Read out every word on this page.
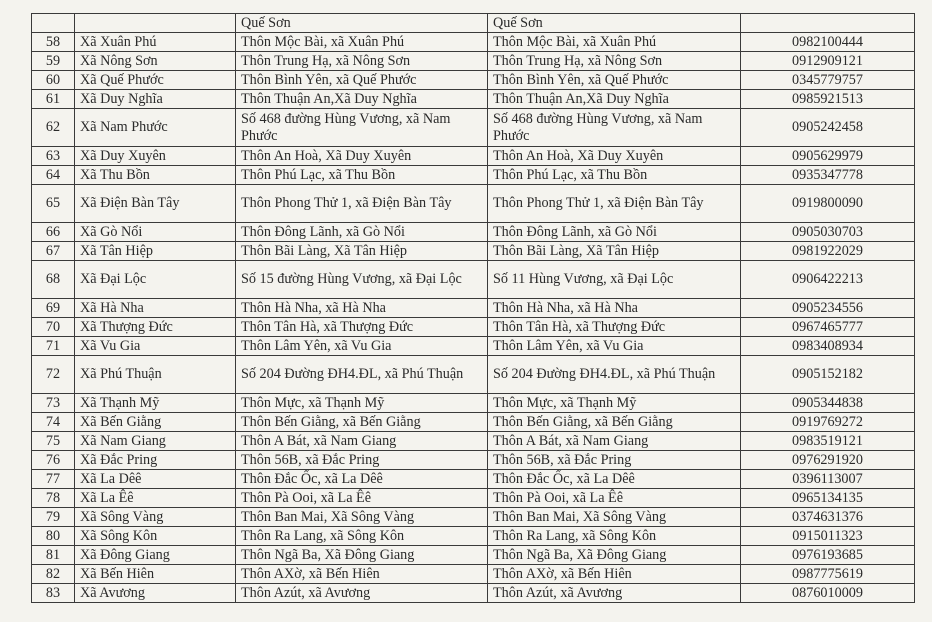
		Quế Sơn	Quế Sơn	
58	Xã Xuân Phú	Thôn Mộc Bài, xã Xuân Phú	Thôn Mộc Bài, xã Xuân Phú	0982100444
59	Xã Nông Sơn	Thôn Trung Hạ, xã Nông Sơn	Thôn Trung Hạ, xã Nông Sơn	0912909121
60	Xã Quế Phước	Thôn Bình Yên, xã Quế Phước	Thôn Bình Yên, xã Quế Phước	0345779757
61	Xã Duy Nghĩa	Thôn Thuận An,Xã Duy Nghĩa	Thôn Thuận An,Xã Duy Nghĩa	0985921513
62	Xã Nam Phước	Số 468 đường Hùng Vương, xã Nam Phước	Số 468 đường Hùng Vương, xã Nam Phước	0905242458
63	Xã Duy Xuyên	Thôn An Hoà, Xã Duy Xuyên	Thôn An Hoà, Xã Duy Xuyên	0905629979
64	Xã Thu Bồn	Thôn Phú Lạc, xã Thu Bồn	Thôn Phú Lạc, xã Thu Bồn	0935347778
65	Xã Điện Bàn Tây	Thôn Phong Thử 1, xã Điện Bàn Tây	Thôn Phong Thử 1, xã Điện Bàn Tây	0919800090
66	Xã Gò Nổi	Thôn Đông Lãnh, xã Gò Nổi	Thôn Đông Lãnh, xã Gò Nổi	0905030703
67	Xã Tân Hiệp	Thôn Bãi Làng, Xã Tân Hiệp	Thôn Bãi Làng, Xã Tân Hiệp	0981922029
68	Xã Đại Lộc	Số 15 đường Hùng Vương, xã Đại Lộc	Số 11 Hùng Vương, xã Đại Lộc	0906422213
69	Xã Hà Nha	Thôn Hà Nha, xã Hà Nha	Thôn Hà Nha, xã Hà Nha	0905234556
70	Xã Thượng Đức	Thôn Tân Hà, xã Thượng Đức	Thôn Tân Hà, xã Thượng Đức	0967465777
71	Xã Vu Gia	Thôn Lâm Yên, xã Vu Gia	Thôn Lâm Yên, xã Vu Gia	0983408934
72	Xã Phú Thuận	Số 204 Đường ĐH4.ĐL, xã Phú Thuận	Số 204 Đường ĐH4.ĐL, xã Phú Thuận	0905152182
73	Xã Thạnh Mỹ	Thôn Mực, xã Thạnh Mỹ	Thôn Mực, xã Thạnh Mỹ	0905344838
74	Xã Bến Giằng	Thôn Bến Giằng, xã Bến Giằng	Thôn Bến Giằng, xã Bến Giằng	0919769272
75	Xã Nam Giang	Thôn A Bát, xã Nam Giang	Thôn A Bát, xã Nam Giang	0983519121
76	Xã Đắc Pring	Thôn 56B, xã Đắc Pring	Thôn 56B, xã Đắc Pring	0976291920
77	Xã La Dêê	Thôn Đắc Ốc, xã La Dêê	Thôn Đắc Ốc, xã La Dêê	0396113007
78	Xã La Êê	Thôn Pà Ooi, xã La Êê	Thôn Pà Ooi, xã La Êê	0965134135
79	Xã Sông Vàng	Thôn Ban Mai, Xã Sông Vàng	Thôn Ban Mai, Xã Sông Vàng	0374631376
80	Xã Sông Kôn	Thôn Ra Lang, xã Sông Kôn	Thôn Ra Lang, xã Sông Kôn	0915011323
81	Xã Đông Giang	Thôn Ngã Ba, Xã Đông Giang	Thôn Ngã Ba, Xã Đông Giang	0976193685
82	Xã Bến Hiên	Thôn AXờ, xã Bến Hiên	Thôn AXờ, xã Bến Hiên	0987775619
83	Xã Avương	Thôn Azút, xã Avương	Thôn Azút, xã Avương	0876010009
